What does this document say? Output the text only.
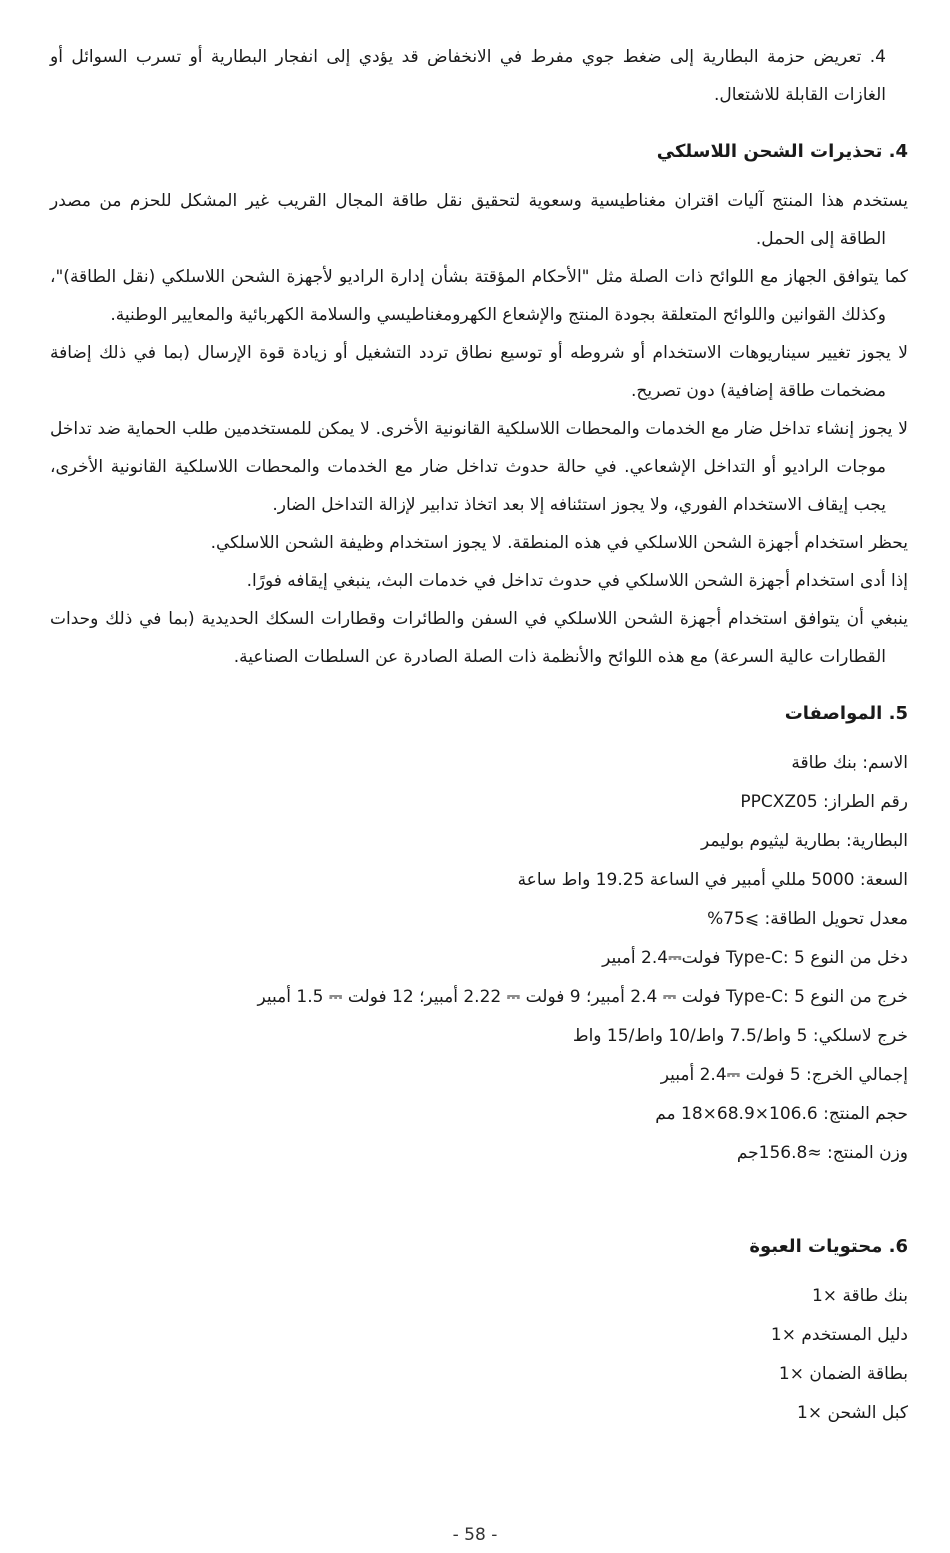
4. تعريض حزمة البطارية إلى ضغط جوي مفرط في الانخفاض قد يؤدي إلى انفجار البطارية أو تسرب السوائل أو الغازات القابلة للاشتعال.
4. تحذيرات الشحن اللاسلكي
يستخدم هذا المنتج آليات اقتران مغناطيسية وسعوية لتحقيق نقل طاقة المجال القريب غير المشكل للحزم من مصدر الطاقة إلى الحمل.
كما يتوافق الجهاز مع اللوائح ذات الصلة مثل "الأحكام المؤقتة بشأن إدارة الراديو لأجهزة الشحن اللاسلكي (نقل الطاقة)"، وكذلك القوانين واللوائح المتعلقة بجودة المنتج والإشعاع الكهرومغناطيسي والسلامة الكهربائية والمعايير الوطنية.
لا يجوز تغيير سيناريوهات الاستخدام أو شروطه أو توسيع نطاق تردد التشغيل أو زيادة قوة الإرسال (بما في ذلك إضافة مضخمات طاقة إضافية) دون تصريح.
لا يجوز إنشاء تداخل ضار مع الخدمات والمحطات اللاسلكية القانونية الأخرى. لا يمكن للمستخدمين طلب الحماية ضد تداخل موجات الراديو أو التداخل الإشعاعي. في حالة حدوث تداخل ضار مع الخدمات والمحطات اللاسلكية القانونية الأخرى، يجب إيقاف الاستخدام الفوري، ولا يجوز استئنافه إلا بعد اتخاذ تدابير لإزالة التداخل الضار.
يحظر استخدام أجهزة الشحن اللاسلكي في هذه المنطقة. لا يجوز استخدام وظيفة الشحن اللاسلكي.
إذا أدى استخدام أجهزة الشحن اللاسلكي في حدوث تداخل في خدمات البث، ينبغي إيقافه فورًا.
ينبغي أن يتوافق استخدام أجهزة الشحن اللاسلكي في السفن والطائرات وقطارات السكك الحديدية (بما في ذلك وحدات القطارات عالية السرعة) مع هذه اللوائح والأنظمة ذات الصلة الصادرة عن السلطات الصناعية.
5. المواصفات
الاسم: بنك طاقة
رقم الطراز: PPCXZ05
البطارية: بطارية ليثيوم بوليمر
السعة: 5000 مللي أمبير في الساعة 19.25 واط ساعة
معدل تحويل الطاقة: ⩾75%
دخل من النوع Type-C: 5 فولت⎓2.4 أمبير
خرج من النوع Type-C: 5 فولت ⎓ 2.4 أمبير؛ 9 فولت ⎓ 2.22 أمبير؛ 12 فولت ⎓ 1.5 أمبير
خرج لاسلكي: 5 واط/7.5 واط/10 واط/15 واط
إجمالي الخرج: 5 فولت ⎓2.4 أمبير
حجم المنتج: 106.6×68.9×18 مم
وزن المنتج: ≈156.8جم
6. محتويات العبوة
بنك طاقة ×1
دليل المستخدم ×1
بطاقة الضمان ×1
كبل الشحن ×1
- 58 -
